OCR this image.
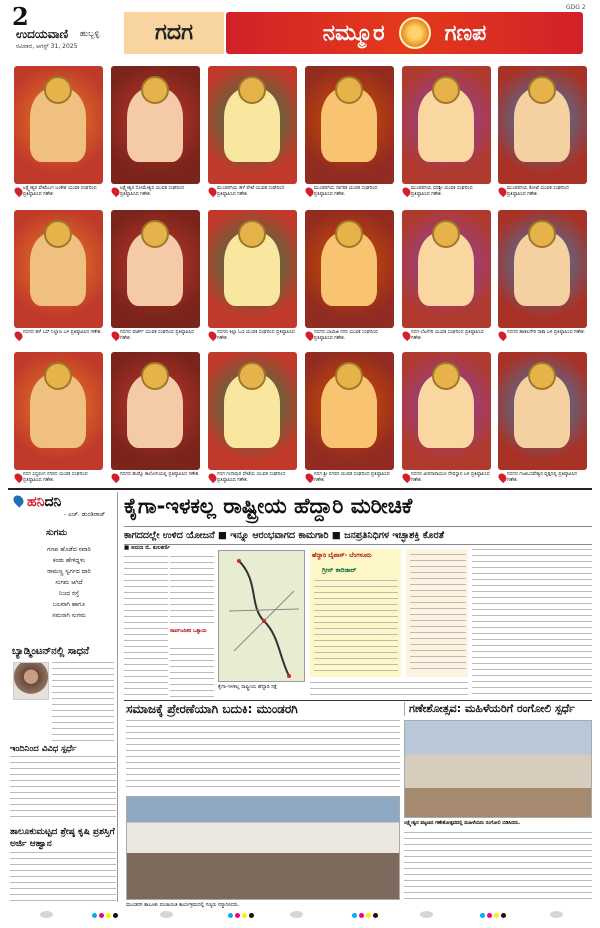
2
ಉದಯವಾಣಿ ಹುಬ್ಬಳ್ಳಿ
ರವಿವಾರ, ಆಗಸ್ಟ್ 31, 2025
GDG 2
ಗದಗ	ನಮ್ಮೂರ	ಗಣಪ
ಲಕ್ಷ್ಮೇಶ್ವರ ಪೇಟೆಬಂಗ ಬಂಕೇಶ ಯುವಕ ಸಂಘದಿಂದ ಪ್ರತಿಷ್ಠಾಪಿಸಿದ ಗಣೇಶ.
ಲಕ್ಷ್ಮೇಶ್ವರ ಸೋಮೇಶ್ವರ ಯುವಕ ಸಂಘದಿಂದ ಪ್ರತಿಷ್ಠಾಪಿಸಿದ ಗಣೇಶ.
ಮುಂಡರಗಿಯ ಹಳೆ ಪೇಟೆ ಯುವಕ ಸಂಘದಿಂದ ಪ್ರತಿಷ್ಠಾಪಿಸಿದ ಗಣೇಶ.
ಮುಂಡರಗಿಯ ನಾಗರಿಕ ಯುವಕ ಸಂಘದಿಂದ ಪ್ರತಿಷ್ಠಾಪಿಸಿದ ಗಣೇಶ.
ಮುಂಡರಗಿಯ ವರಶ್ರೀ ಯುವಕ ಸಂಘದಿಂದ ಪ್ರತಿಷ್ಠಾಪಿಸಿದ ಗಣೇಶ.
ಮುಂಡರಗಿಯ ಕೋಟೆ ಯುವಕ ಸಂಘದಿಂದ ಪ್ರತಿಷ್ಠಾಪಿಸಿದ ಗಣೇಶ.
ಗದಗದ ಹಳೆ ಬಸ್ ನಿಲ್ದಾಣ ಬಳಿ ಪ್ರತಿಷ್ಠಾಪಿಸಿದ ಗಣೇಶ.	ಗದಗದ ವಾರ್ಡ್ ಯುವಕ ಸಂಘದಿಂದ ಪ್ರತಿಷ್ಠಾಪಿಸಿದ ಗಣೇಶ.
ಗದಗದ ಕಿಲ್ಲಾ ಓಣಿ ಯುವಕ ಸಂಘದಿಂದ ಪ್ರತಿಷ್ಠಾಪಿಸಿದ ಗಣೇಶ.
ಗದಗದ ಬಾಲಾಜಿ ನಗರ ಯುವಕ ಸಂಘದಿಂದ ಪ್ರತಿಷ್ಠಾಪಿಸಿದ ಗಣೇಶ.
ಗದಗ-ಬೆಟಗೇರಿ ಯುವಕ ಸಂಘದಿಂದ ಪ್ರತಿಷ್ಠಾಪಿಸಿದ ಗಣೇಶ.
ಗದಗದ ಹಾತಲಗೇರಿ ನಾಕಾ ಬಳಿ ಪ್ರತಿಷ್ಠಾಪಿಸಿದ ಗಣೇಶ.
ಗದಗ ಸಿದ್ಧಲಿಂಗ ನಗರದ ಯುವಕ ಸಂಘದಿಂದ ಪ್ರತಿಷ್ಠಾಪಿಸಿದ ಗಣೇಶ.
ಗದಗದ ಹುಡ್ಕೊ ಕಾಲೋನಿಯಲ್ಲಿ ಪ್ರತಿಷ್ಠಾಪಿಸಿದ ಗಣೇಶ.	ಗದಗ ಗಂಗಾಪುರ ಪೇಟೆಯ ಯುವಕ ಸಂಘದಿಂದ ಪ್ರತಿಷ್ಠಾಪಿಸಿದ ಗಣೇಶ.
ಗದಗ ಶ್ರೀ ನಗರದ ಯುವಕ ಸಂಘದಿಂದ ಪ್ರತಿಷ್ಠಾಪಿಸಿದ ಗಣೇಶ.
ಗದಗದ ವೀರನಾರಾಯಣ ದೇವಸ್ಥಾನ ಬಳಿ ಪ್ರತಿಷ್ಠಾಪಿಸಿದ ಗಣೇಶ.
ಗದಗದ ಗಂಜಿಬಸವೇಶ್ವರ ವೃತ್ತದಲ್ಲಿ ಪ್ರತಿಷ್ಠಾಪಿಸಿದ ಗಣೇಶ.
ಹನಿದನಿ
- ಎಚ್. ಡುಂಡಿರಾಜ್
ಸುಗಮ
ಗಣಪ ಹೊಡೆದ ಸವಾರಿ
ಕಂಡು ಹೇಳಿದ್ದಳು
ರಾಮಣ್ಣ ಸ್ವರ್ಗದ ದಾರಿ
ಸುಗಮ ಆಗಿದೆ
ನಿಜದ ರಸ್ತೆ
ಬಲವಾಗಿ ಹಾಗೂ
ಸಮನಾಗಿ ಸುಗಮ
ಬ್ಯಾಡ್ಮಿಂಟನ್‌ನಲ್ಲಿ ಸಾಧನೆ
ಇಂದಿನಿಂದ ವಿವಿಧ ಸ್ಪರ್ಧೆ
ತಾಲೂಕುಮಟ್ಟದ ಶ್ರೇಷ್ಠ ಕೃಷಿ ಪ್ರಶಸ್ತಿಗೆ ಅರ್ಜಿ ಆಹ್ವಾನ
ಕೈಗಾ-ಇಳಕಲ್ಲ ರಾಷ್ಟ್ರೀಯ ಹೆದ್ದಾರಿ ಮರೀಚಿಕೆ
ಕಾಗದದಲ್ಲೇ ಉಳಿದ ಯೋಜನೆ ■ ಇನ್ನೂ ಆರಂಭವಾಗದ ಕಾಮಗಾರಿ ■ ಜನಪ್ರತಿನಿಧಿಗಳ ಇಚ್ಛಾಶಕ್ತಿ ಕೊರತೆ
■ ಅರುಣ ಬಿ. ಕುಲಕರ್ಣಿ
ಸಾರ್ವಜನಿಕರ ಒತ್ತಾಯ
ಕೈಗಾ-ಇಳಕಲ್ಲ ರಾಷ್ಟ್ರೀಯ ಹೆದ್ದಾರಿ ನಕ್ಷೆ
ಹೆದ್ದಾರಿ ಬೈಪಾಸ್- ಬೆಂಗಳೂರು
ಗ್ರೀನ್ ಕಾರಿಡಾರ್
ಸಮಾಜಕ್ಕೆ ಪ್ರೇರಣೆಯಾಗಿ ಬದುಕಿ: ಮುಂಡರಗಿ
ಮುಂಡರಗಿ ತಾಲೂಕು ಪಂಚಾಯಿತಿ ಕಾರ್ಯಕ್ರಮದಲ್ಲಿ ಗಣ್ಯರು ಸನ್ಮಾನಿಸಿದರು.
ಗಣೇಶೋತ್ಸವ: ಮಹಿಳೆಯರಿಗೆ ರಂಗೋಲಿ ಸ್ಪರ್ಧೆ
ಲಕ್ಷ್ಮೇಶ್ವರ ಪಟ್ಟಣದ ಗಣೇಶೋತ್ಸವದಲ್ಲಿ ಮಹಿಳೆಯರು ರಂಗೋಲಿ ಬಿಡಿಸಿದರು.
